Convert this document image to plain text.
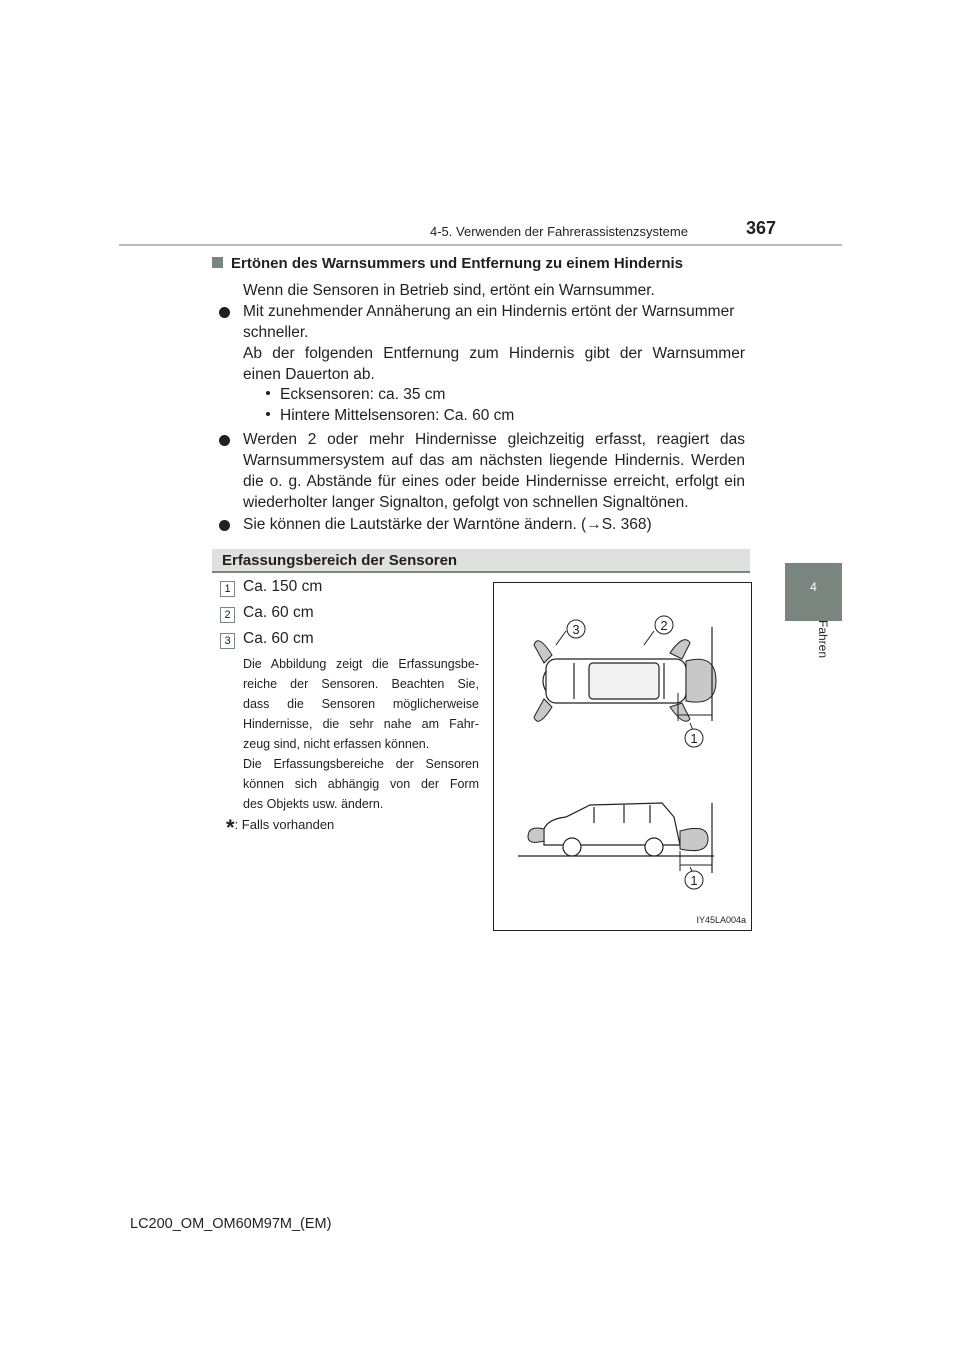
4-5. Verwenden der Fahrerassistenzsysteme	367
4
Fahren
Ertönen des Warnsummers und Entfernung zu einem Hindernis
Wenn die Sensoren in Betrieb sind, ertönt ein Warnsummer.
Mit zunehmender Annäherung an ein Hindernis ertönt der Warnsummer
schneller.
Ab der folgenden Entfernung zum Hindernis gibt der Warnsummer
einen Dauerton ab.
Ecksensoren: ca. 35 cm
Hintere Mittelsensoren: Ca. 60 cm
Werden 2 oder mehr Hindernisse gleichzeitig erfasst, reagiert das
Warnsummersystem auf das am nächsten liegende Hindernis. Werden
die o. g. Abstände für eines oder beide Hindernisse erreicht, erfolgt ein
wiederholter langer Signalton, gefolgt von schnellen Signaltönen.
Sie können die Lautstärke der Warntöne ändern. (→S. 368)
Erfassungsbereich der Sensoren
1 Ca. 150 cm
2 Ca. 60 cm
3 Ca. 60 cm
Die Abbildung zeigt die Erfassungsbe-
reiche der Sensoren. Beachten Sie,
dass die Sensoren möglicherweise
Hindernisse, die sehr nahe am Fahr-
zeug sind, nicht erfassen können.
Die Erfassungsbereiche der Sensoren
können sich abhängig von der Form
des Objekts usw. ändern.
*: Falls vorhanden
3	2
1
1
IY45LA004a
LC200_OM_OM60M97M_(EM)
